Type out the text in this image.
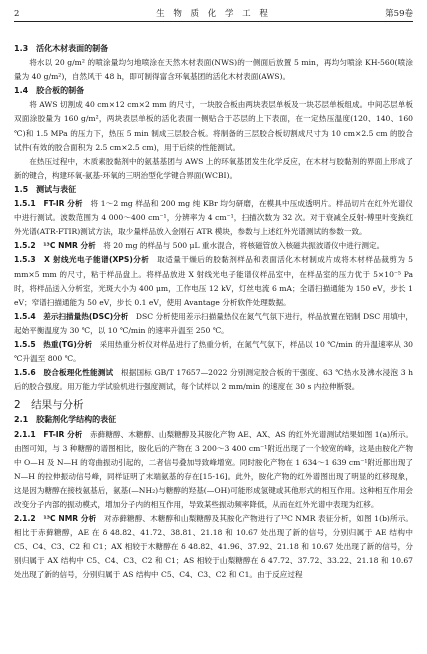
2	生 物 质 化 学 工 程	第59卷
1.3　活化木材表面的制备
将水以 20 g/m² 的喷涂量均匀地喷涂在天然木材表面(NWS)的一侧面后放置 5 min，再均匀喷涂 KH-560(喷涂量为 40 g/m²)，自然风干 48 h，即可制得富含环氧基团的活化木材表面(AWS)。
1.4　胶合板的制备
将 AWS 切割成 40 cm×12 cm×2 mm 的尺寸，一块胶合板由两块表层单板及一块芯层单板组成。中间芯层单板双面涂胶量为 160 g/m²，两块表层单板的活化表面一侧贴合于芯层的上下表面，在一定热压温度(120、140、160 ℃)和 1.5 MPa 的压力下，热压 5 min 制成三层胶合板。将制备的三层胶合板切割成尺寸为 10 cm×2.5 cm 的胶合试件(有效的胶合面积为 2.5 cm×2.5 cm)，用于后续的性能测试。
在热压过程中，木质素胶黏剂中的氨基基团与 AWS 上的环氧基团发生化学反应，在木材与胶黏剂的界面上形成了新的键合，构建环氧-氨基-环氧的三明治型化学键合界面(WCBI)。
1.5　测试与表征
1.5.1　FT-IR 分析　将 1～2 mg 样品和 200 mg 纯 KBr 均匀研磨，在模具中压成透明片。样品切片在红外光谱仪中进行测试。波数范围为 4 000～400 cm⁻¹，分辨率为 4 cm⁻¹，扫描次数为 32 次。对于衰减全反射-傅里叶变换红外光谱(ATR-FTIR)测试方法，取少量样品放入金刚石 ATR 模块，参数与上述红外光谱测试的参数一致。
1.5.2　¹³C NMR 分析　将 20 mg 的样品与 500 μL 重水混合，将核磁管放入核磁共振波谱仪中进行测定。
1.5.3　X 射线光电子能谱(XPS)分析　取适量干燥后的胶黏剂样品和表面活化木材制成片成将木材样品裁剪为 5 mm×5 mm 的尺寸，粘于样品盘上。将样品放进 X 射线光电子能谱仪样品室中，在样品室的压力优于 5×10⁻⁵ Pa 时，将样品送入分析室，光斑大小为 400 μm，工作电压 12 kV，灯丝电流 6 mA；全谱扫描通能为 150 eV，步长 1 eV；窄谱扫描通能为 50 eV，步长 0.1 eV，使用 Avantage 分析软件处理数据。
1.5.4　差示扫描量热(DSC)分析　DSC 分析使用差示扫描量热仪在氮气气氛下进行，样品放置在铝制 DSC 用填中，起始平衡温度为 30 ℃，以 10 ℃/min 的速率升温至 250 ℃。
1.5.5　热重(TG)分析　采用热重分析仪对样品进行了热重分析，在氮气气氛下，样品以 10 ℃/min 的升温速率从 30 ℃升温至 800 ℃。
1.5.6　胶合板理化性能测试　根据国标 GB/T 17657—2022 分别测定胶合板的干强度、63 ℃热水及沸水浸泡 3 h 后的胶合强度。用万能力学试验机进行强度测试，每个试样以 2 mm/min 的速度在 30 s 内拉伸断裂。
2　结果与分析
2.1　胶黏剂化学结构的表征
2.1.1　FT-IR 分析　赤藓糖醇、木糖醇、山梨糖醇及其胺化产物 AE、AX、AS 的红外光谱测试结果如图 1(a)所示。由图可知，与 3 种糖醇的谱图相比，胺化后的产物在 3 200～3 400 cm⁻¹附近出现了一个较宽的峰，这是由胺化产物中 O—H 及 N—H 的弯曲振动引起的，二者信号叠加导致峰增宽。同时胺化产物在 1 634～1 639 cm⁻¹附近都出现了 N—H 的拉伸振动信号峰，同样证明了末端氨基的存在[15-16]。此外，胺化产物的红外谱图出现了明显的红移现象，这是因为糖醇在接枝氨基后，氨基(—NH₂)与糖醇的羟基(—OH)可能形成氢键或其他形式的相互作用。这种相互作用会改变分子内部的振动模式，增加分子内的相互作用，导致某些振动频率降低，从而在红外光谱中表现为红移。
2.1.2　¹³C NMR 分析　对赤藓糖醇、木糖醇和山梨糖醇及其胺化产物进行了¹³C NMR 表征分析，如图 1(b)所示。相比于赤藓糖醇，AE 在 δ 48.82、41.72、38.81、21.18 和 10.67 处出现了新的信号，分别归属于 AE 结构中 C5、C4、C3、C2 和 C1；AX 相较于木糖醇在 δ 48.82、41.96、37.92、21.18 和 10.67 处出现了新的信号，分别归属于 AX 结构中 C5、C4、C3、C2 和 C1；AS 相较于山梨糖醇在 δ 47.72、37.72、33.22、21.18 和 10.67 处出现了新的信号，分别归属于 AS 结构中 C5、C4、C3、C2 和 C1。由于反应过程
